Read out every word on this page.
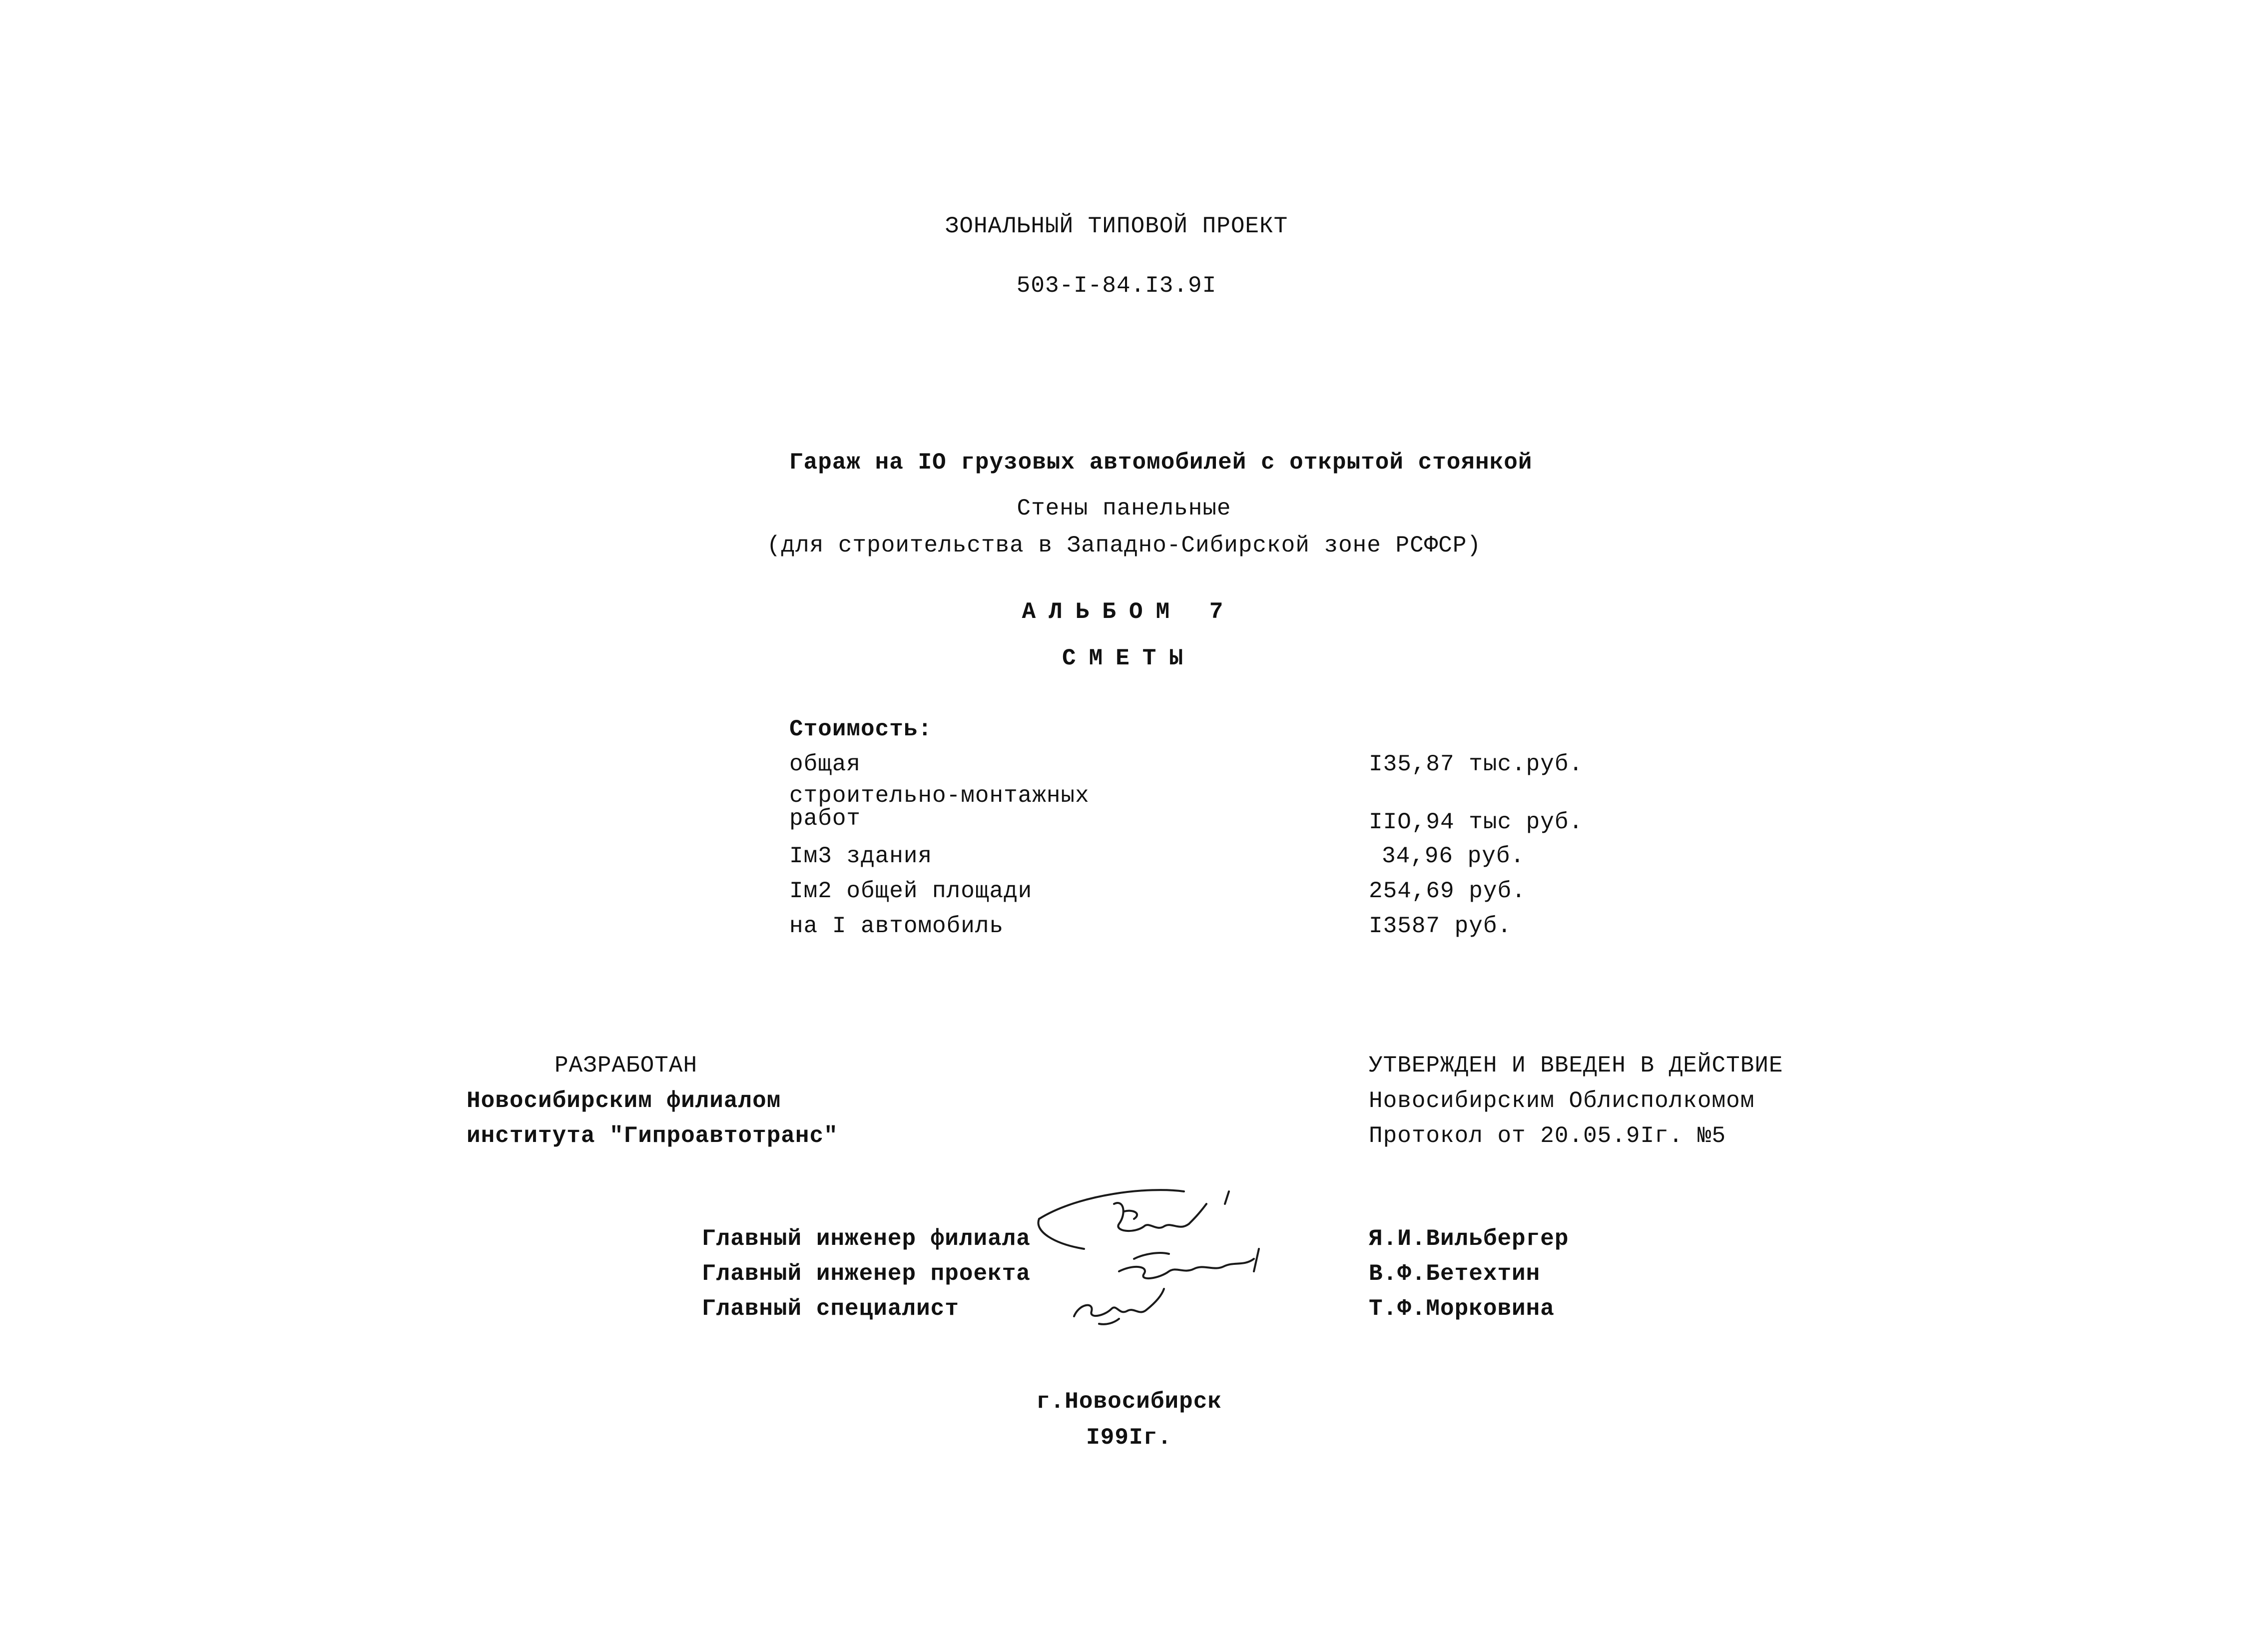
ЗОНАЛЬНЫЙ ТИПОВОЙ ПРОЕКТ
503-I-84.I3.9I
Гараж на IO грузовых автомобилей с открытой стоянкой
Стены панельные
(для строительства в Западно-Сибирской зоне РСФСР)
АЛЬБОМ 7
СМЕТЫ
Стоимость:
общая	I35,87 тыс.руб.
строительно-монтажных
работ	IIO,94 тыс руб.
Iм3 здания	34,96 руб.
Iм2 общей площади	254,69 руб.
на I автомобиль	I3587 руб.
РАЗРАБОТАН
Новосибирским филиалом
института "Гипроавтотранс"
УТВЕРЖДЕН И ВВЕДЕН В ДЕЙСТВИЕ
Новосибирским Облисполкомом
Протокол от 20.05.9Iг. №5
Главный инженер филиала	Я.И.Вильбергер
Главный инженер проекта	В.Ф.Бетехтин
Главный специалист	Т.Ф.Морковина
г.Новосибирск
I99Iг.
